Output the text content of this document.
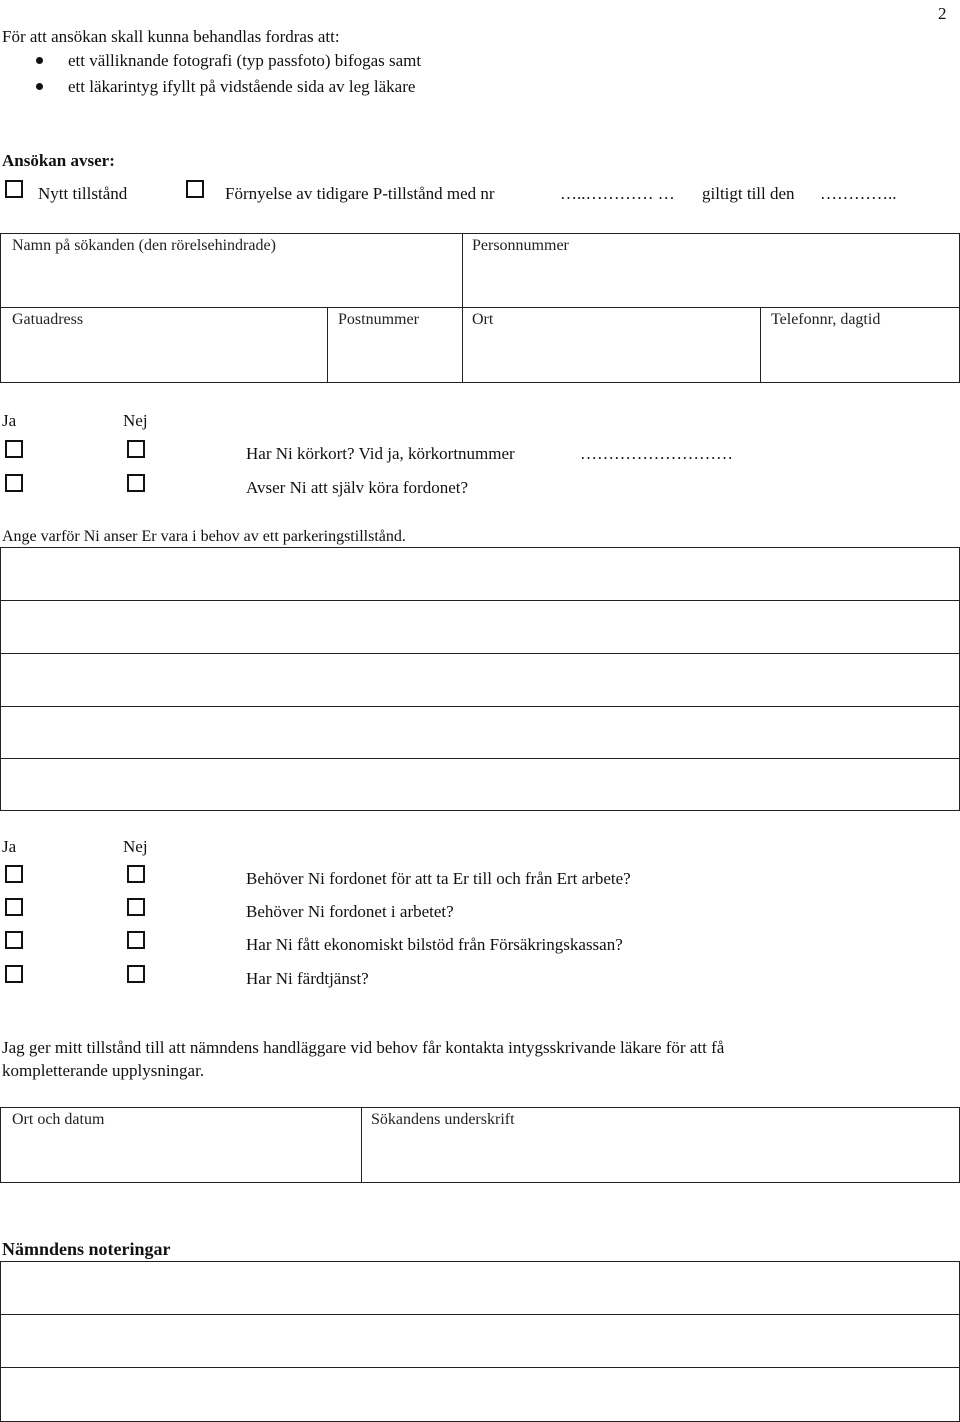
2
För att ansökan skall kunna behandlas fordras att:
ett välliknande fotografi (typ passfoto) bifogas samt
ett läkarintyg ifyllt på vidstående sida av leg läkare
Ansökan avser:
Nytt tillstånd	Förnyelse av tidigare P-tillstånd med nr	…..………… … giltigt till den …………..
Namn på sökanden (den rörelsehindrade)	Personnummer
Gatuadress	Postnummer	Ort	Telefonnr, dagtid
Ja	Nej
Har Ni körkort? Vid ja, körkortnummer	………………………
Avser Ni att själv köra fordonet?
Ange varför Ni anser Er vara i behov av ett parkeringstillstånd.
Ja	Nej
Behöver Ni fordonet för att ta Er till och från Ert arbete?
Behöver Ni fordonet i arbetet?
Har Ni fått ekonomiskt bilstöd från Försäkringskassan?
Har Ni färdtjänst?
Jag ger mitt tillstånd till att nämndens handläggare vid behov får kontakta intygsskrivande läkare för att få
kompletterande upplysningar.
Ort och datum	Sökandens underskrift
Nämndens noteringar
